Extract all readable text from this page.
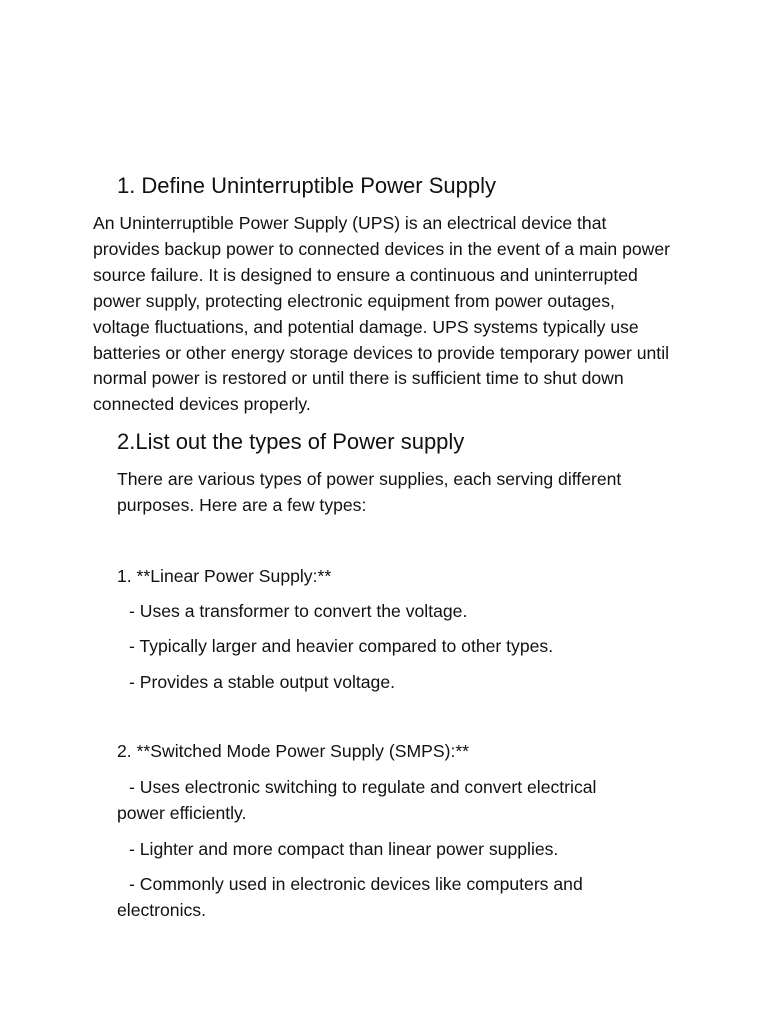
1. Define Uninterruptible Power Supply

An Uninterruptible Power Supply (UPS) is an electrical device that provides backup power to connected devices in the event of a main power source failure. It is designed to ensure a continuous and uninterrupted power supply, protecting electronic equipment from power outages, voltage fluctuations, and potential damage. UPS systems typically use batteries or other energy storage devices to provide temporary power until normal power is restored or until there is sufficient time to shut down connected devices properly.

2.List out the types of Power supply

There are various types of power supplies, each serving different purposes. Here are a few types:

1. **Linear Power Supply:**

- Uses a transformer to convert the voltage.

- Typically larger and heavier compared to other types.

- Provides a stable output voltage.

2. **Switched Mode Power Supply (SMPS):**

- Uses electronic switching to regulate and convert electrical power efficiently.

- Lighter and more compact than linear power supplies.

- Commonly used in electronic devices like computers and electronics.
